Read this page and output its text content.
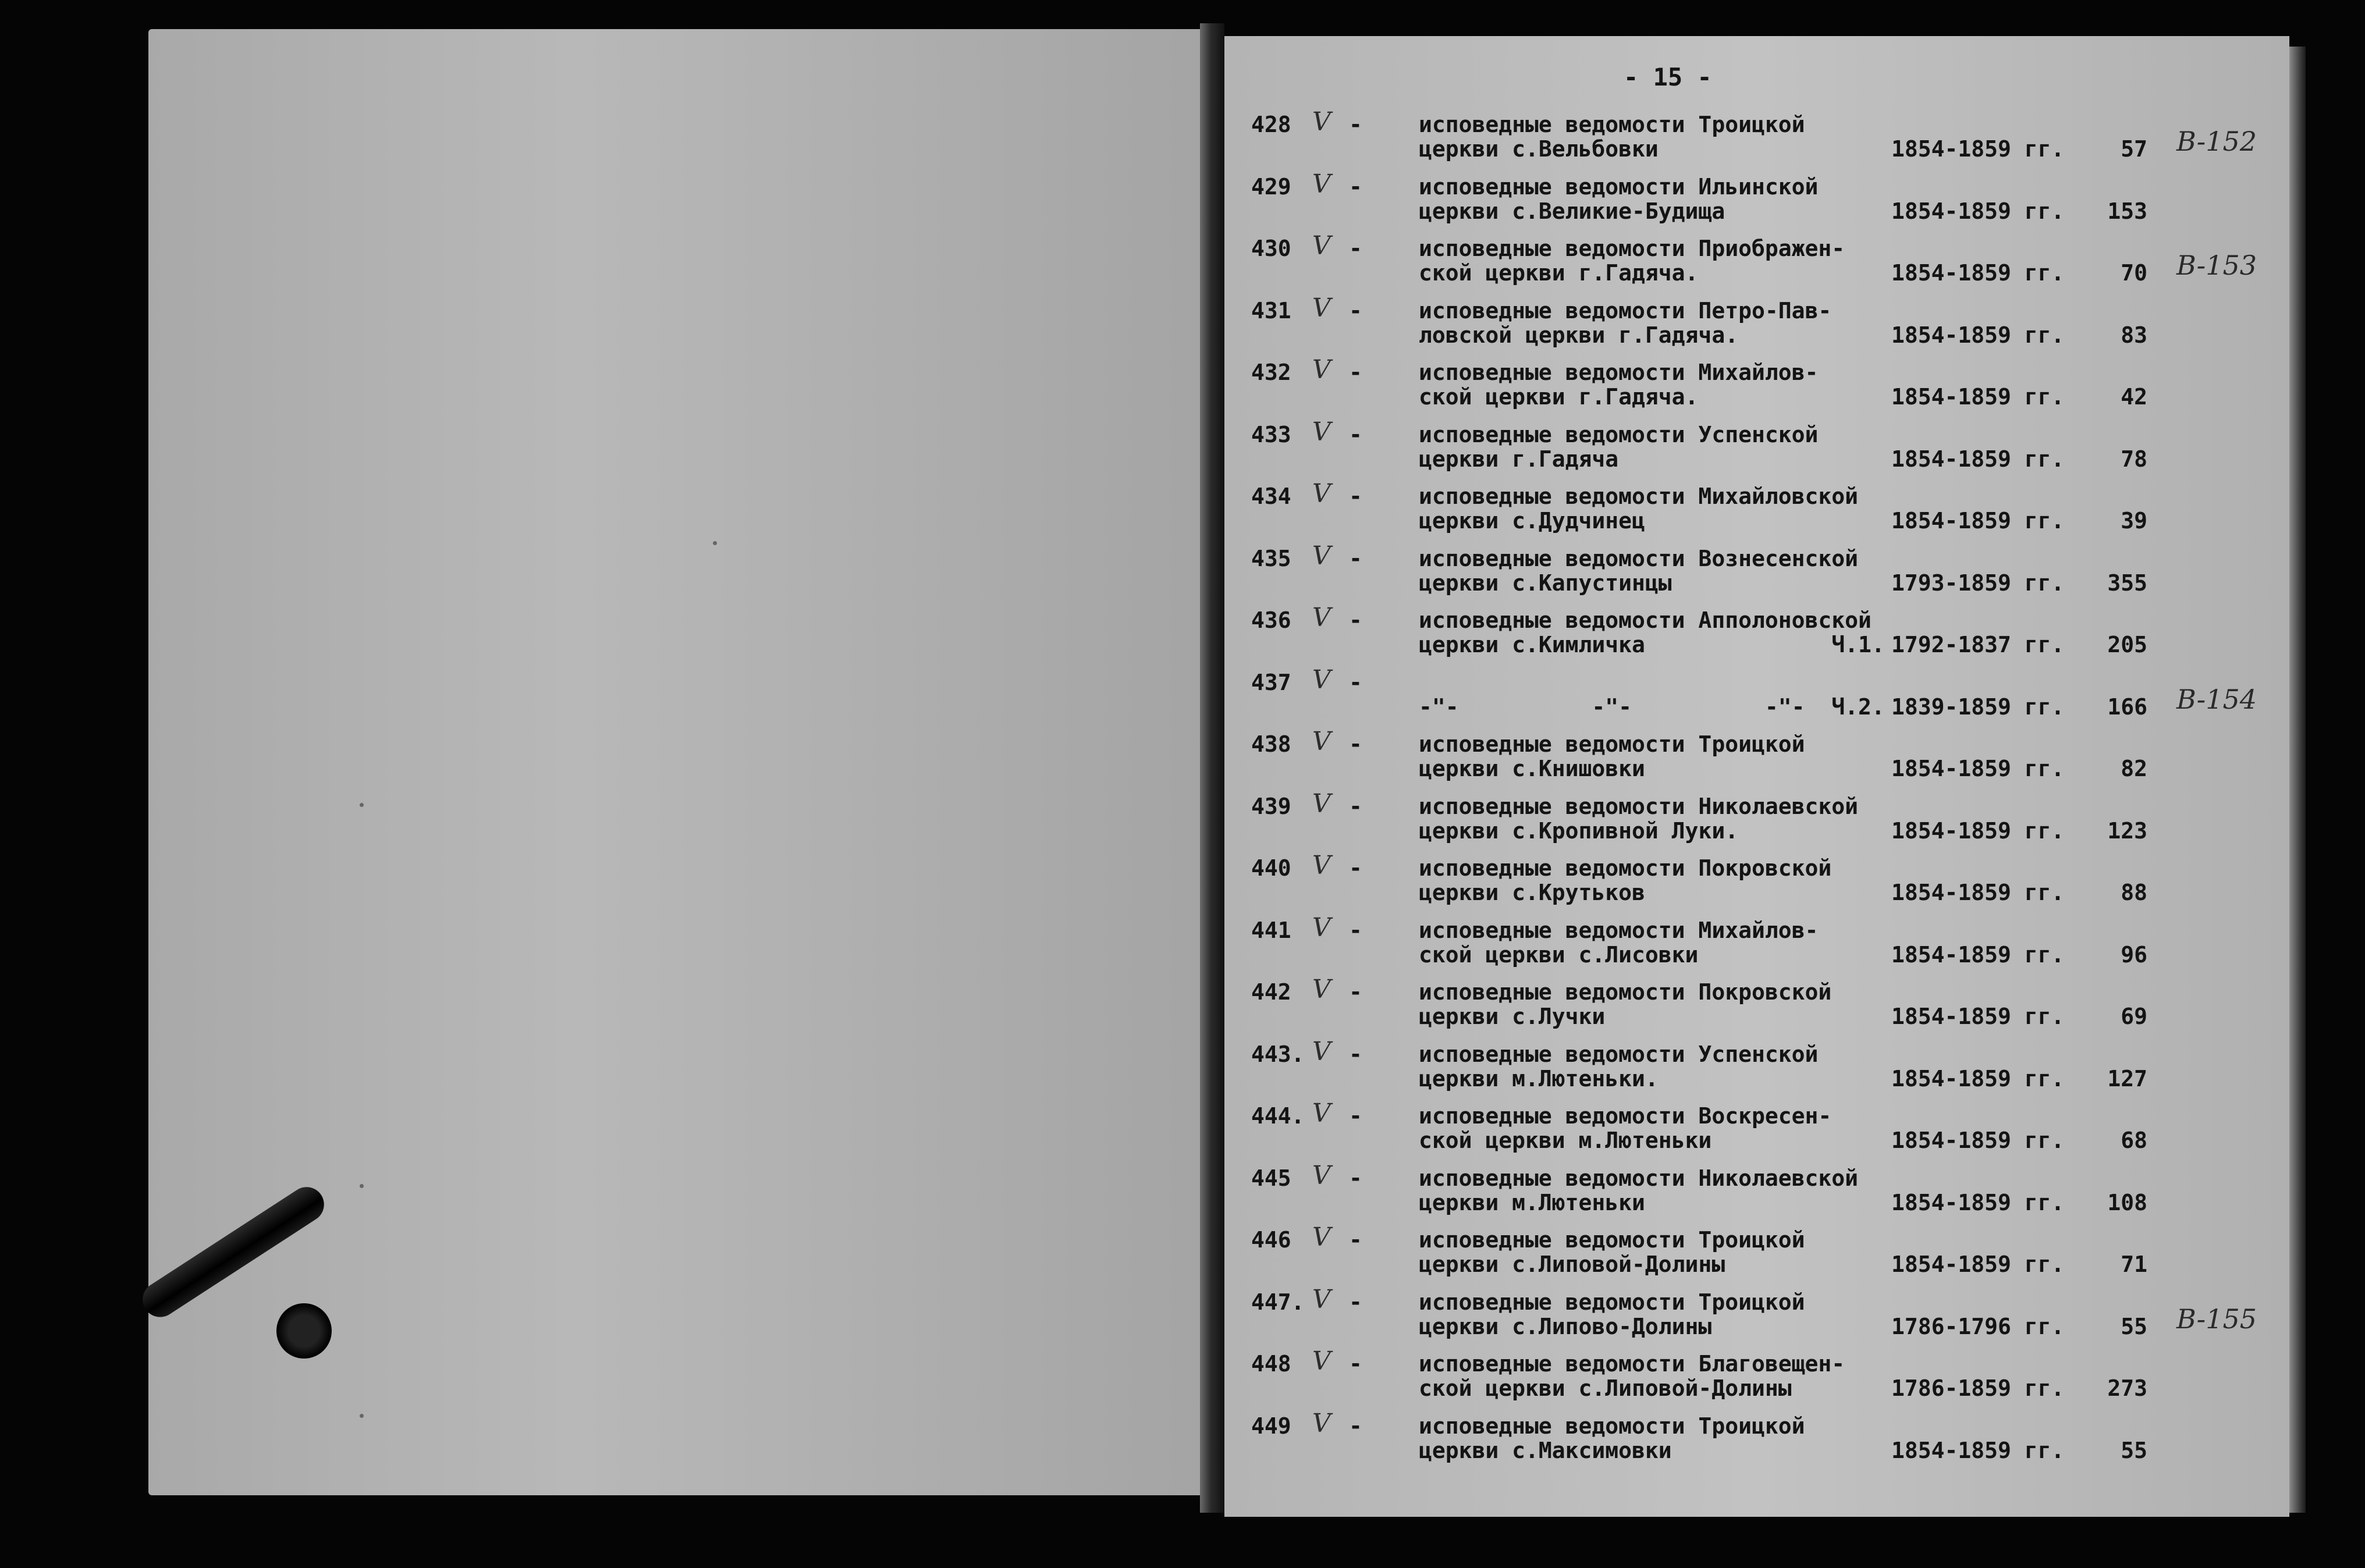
- 15 -
428 V -	исповедные ведомости Троицкой
церкви с.Вельбовки	1854-1859 гг.	57 B-152
429 V -	исповедные ведомости Ильинской
церкви с.Великие-Будища	1854-1859 гг. 153
430 V -	исповедные ведомости Приображен-
ской церкви г.Гадяча.	1854-1859 гг.	70 B-153
431 V -	исповедные ведомости Петро-Пав-
ловской церкви г.Гадяча.	1854-1859 гг.	83
432 V -	исповедные ведомости Михайлов-
ской церкви г.Гадяча.	1854-1859 гг.	42
433 V -	исповедные ведомости Успенской
церкви г.Гадяча	1854-1859 гг.	78
434 V -	исповедные ведомости Михайловской
церкви с.Дудчинец	1854-1859 гг.	39
435 V -	исповедные ведомости Вознесенской
церкви с.Капустинцы	1793-1859 гг. 355
436 V -	исповедные ведомости Апполоновской
церкви с.Кимличка              Ч.1. 1792-1837 гг. 205
437 V -
-"-          -"-          -"-  Ч.2. 1839-1859 гг. 166 B-154
438 V -	исповедные ведомости Троицкой
церкви с.Книшовки	1854-1859 гг.	82
439 V -	исповедные ведомости Николаевской
церкви с.Кропивной Луки.	1854-1859 гг. 123
440 V -	исповедные ведомости Покровской
церкви с.Крутьков	1854-1859 гг.	88
441 V -	исповедные ведомости Михайлов-
ской церкви с.Лисовки	1854-1859 гг.	96
442 V -	исповедные ведомости Покровской
церкви с.Лучки	1854-1859 гг.	69
443. V -	исповедные ведомости Успенской
церкви м.Лютеньки.	1854-1859 гг. 127
444. V -	исповедные ведомости Воскресен-
ской церкви м.Лютеньки	1854-1859 гг.	68
445 V -	исповедные ведомости Николаевской
церкви м.Лютеньки	1854-1859 гг. 108
446 V -	исповедные ведомости Троицкой
церкви с.Липовой-Долины	1854-1859 гг.	71
447. V -	исповедные ведомости Троицкой
церкви с.Липово-Долины	1786-1796 гг.	55 B-155
448 V -	исповедные ведомости Благовещен-
ской церкви с.Липовой-Долины	1786-1859 гг. 273
449 V -	исповедные ведомости Троицкой
церкви с.Максимовки	1854-1859 гг.	55
